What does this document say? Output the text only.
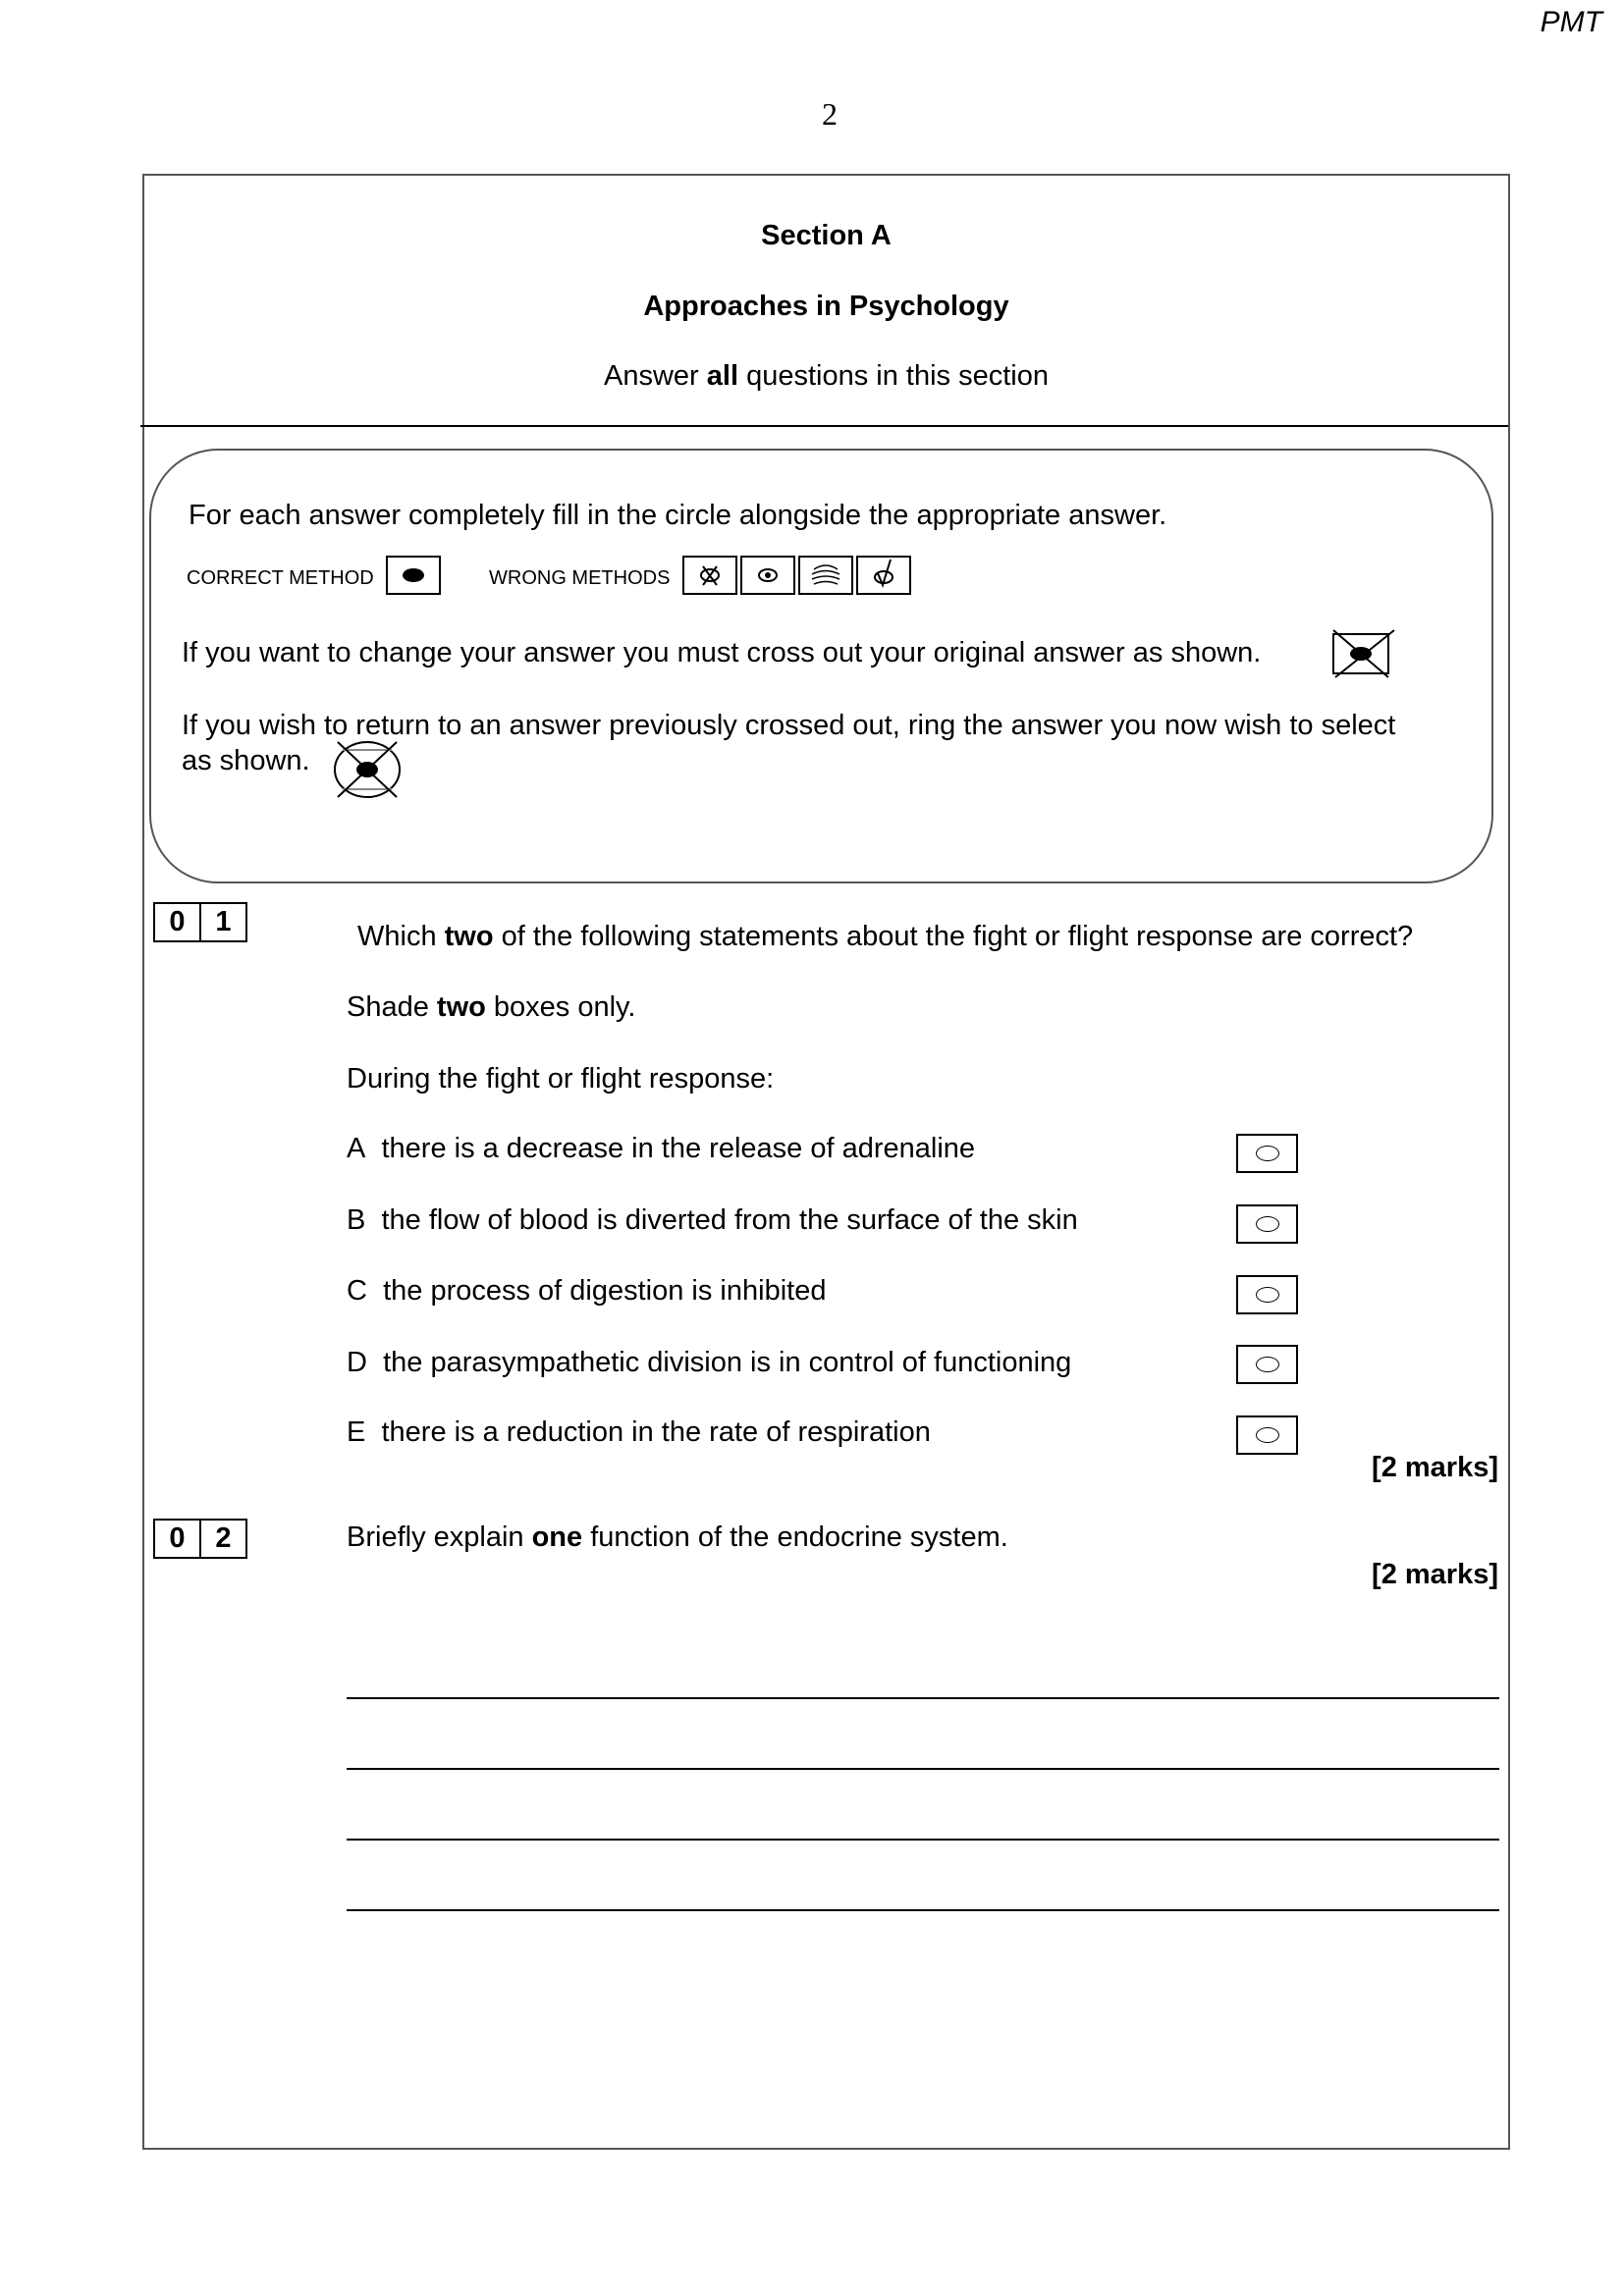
PMT
2
Section A
Approaches in Psychology
Answer all questions in this section
For each answer completely fill in the circle alongside the appropriate answer.
CORRECT METHOD	WRONG METHODS
If you want to change your answer you must cross out your original answer as shown.
If you wish to return to an answer previously crossed out, ring the answer you now wish to select
as shown.
0	1	Which two of the following statements about the fight or flight response are correct?
Shade two boxes only.
During the fight or flight response:
A there is a decrease in the release of adrenaline
B the flow of blood is diverted from the surface of the skin
C the process of digestion is inhibited
D the parasympathetic division is in control of functioning
E there is a reduction in the rate of respiration
[2 marks]
0	2	Briefly explain one function of the endocrine system.
[2 marks]
